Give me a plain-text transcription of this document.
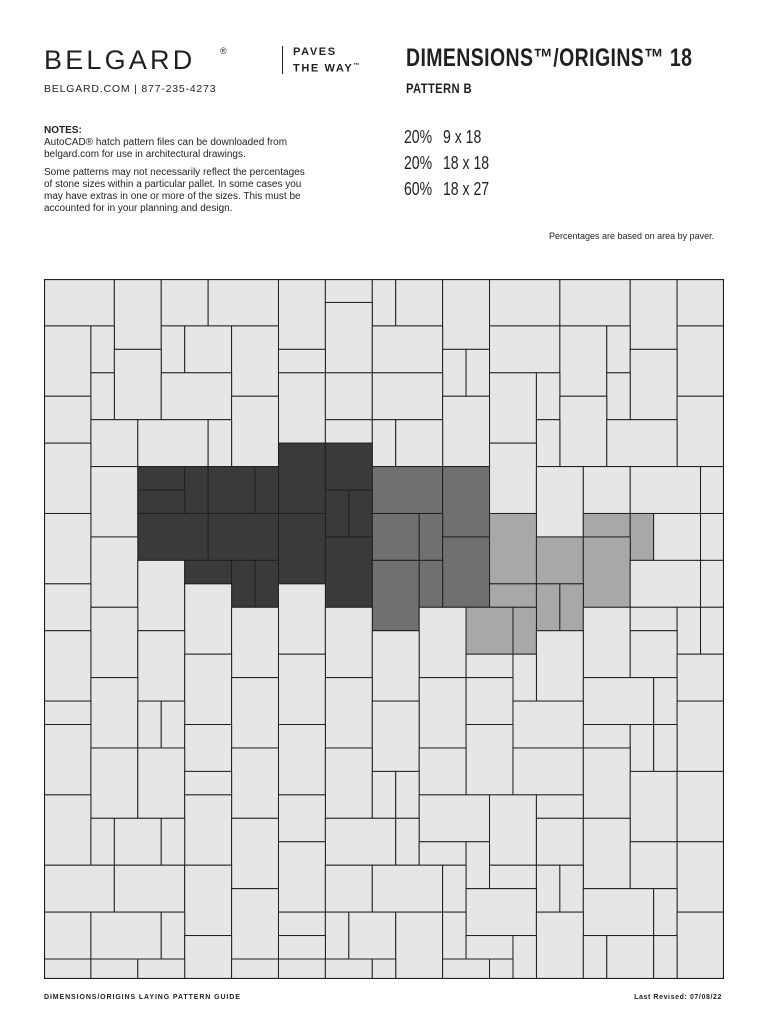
BELGARD	®	PAVES
THE WAY™
BELGARD.COM | 877-235-4273
DIMENSIONS™/ORIGINS™ 18
PATTERN B
NOTES:

AutoCAD® hatch pattern files can be downloaded from belgard.com for use in architectural drawings.

Some patterns may not necessarily reflect the percentages of stone sizes within a particular pallet. In some cases you may have extras in one or more of the sizes. This must be accounted for in your planning and design.

20% 9 x 18
20% 18 x 18
60% 18 x 27
Percentages are based on area by paver.
DIMENSIONS/ORIGINS LAYING PATTERN GUIDE	Last Revised: 07/08/22
